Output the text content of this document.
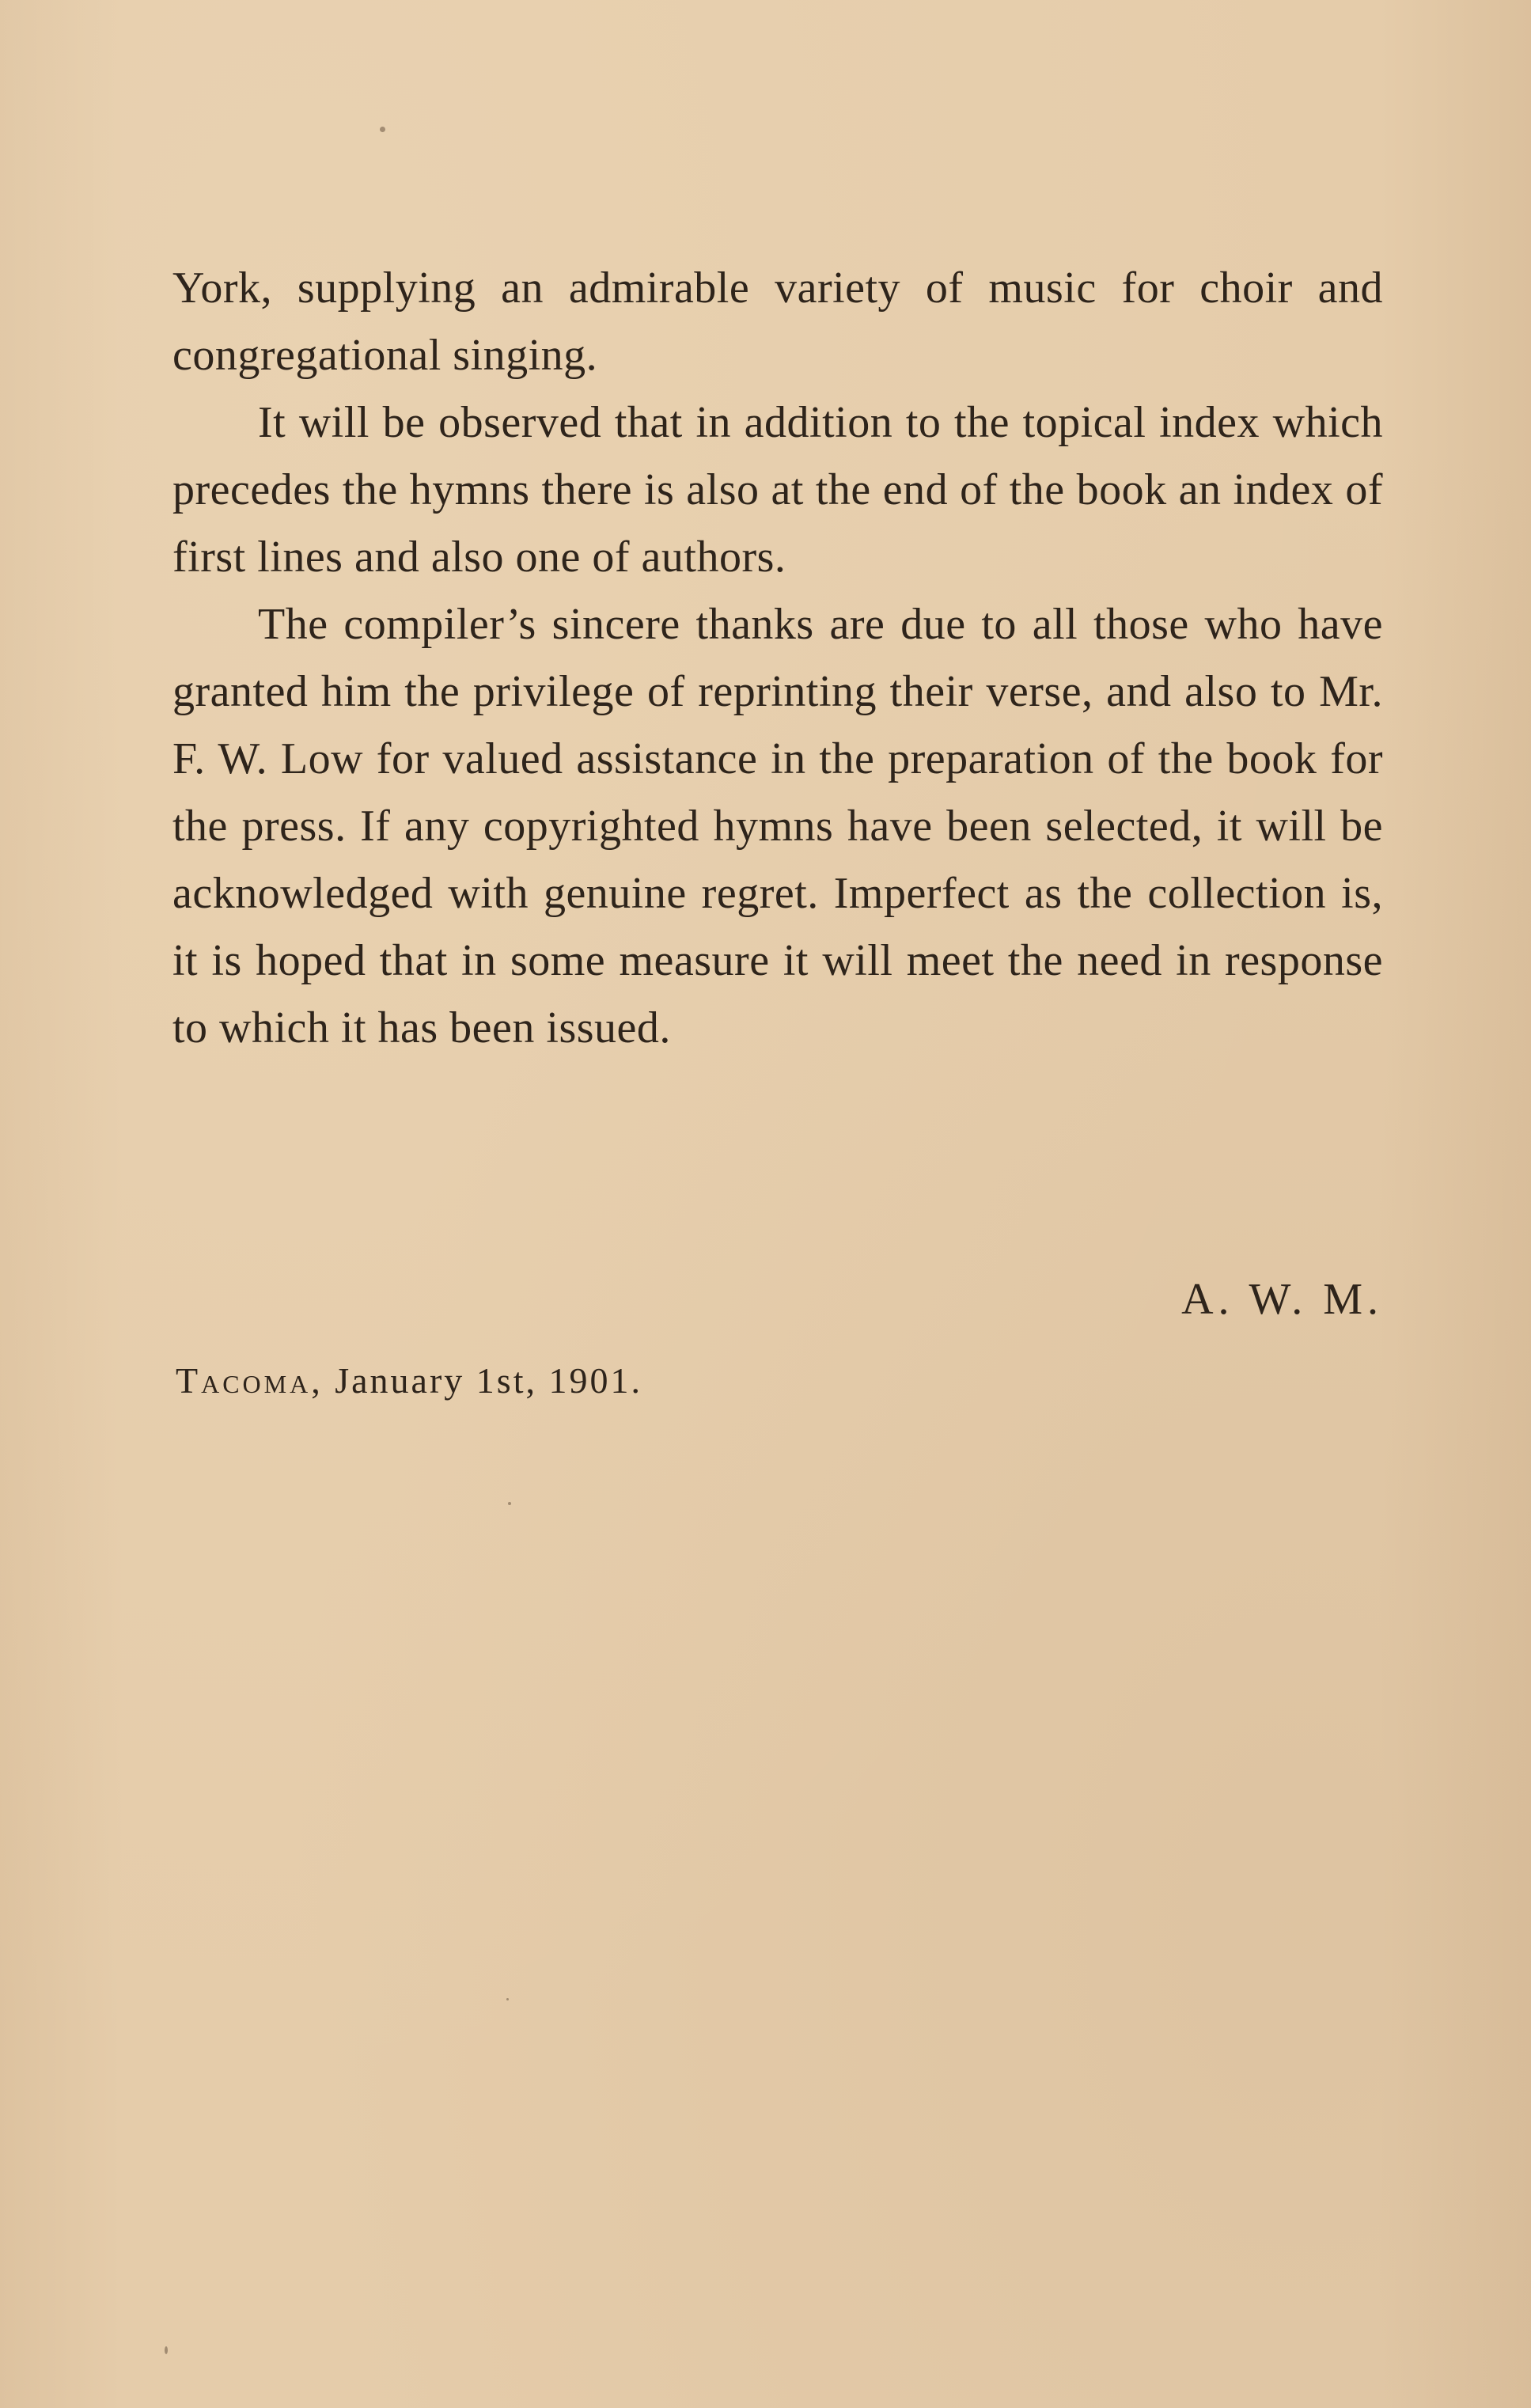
York, supplying an admirable variety of music for choir and congregational singing.

It will be observed that in addition to the topical index which precedes the hymns there is also at the end of the book an index of first lines and also one of authors.

The compiler’s sincere thanks are due to all those who have granted him the privilege of reprinting their verse, and also to Mr. F. W. Low for valued assistance in the preparation of the book for the press. If any copyrighted hymns have been selected, it will be acknowledged with genuine regret. Imperfect as the collection is, it is hoped that in some measure it will meet the need in response to which it has been issued.

A. W. M.
Tacoma, January 1st, 1901.
